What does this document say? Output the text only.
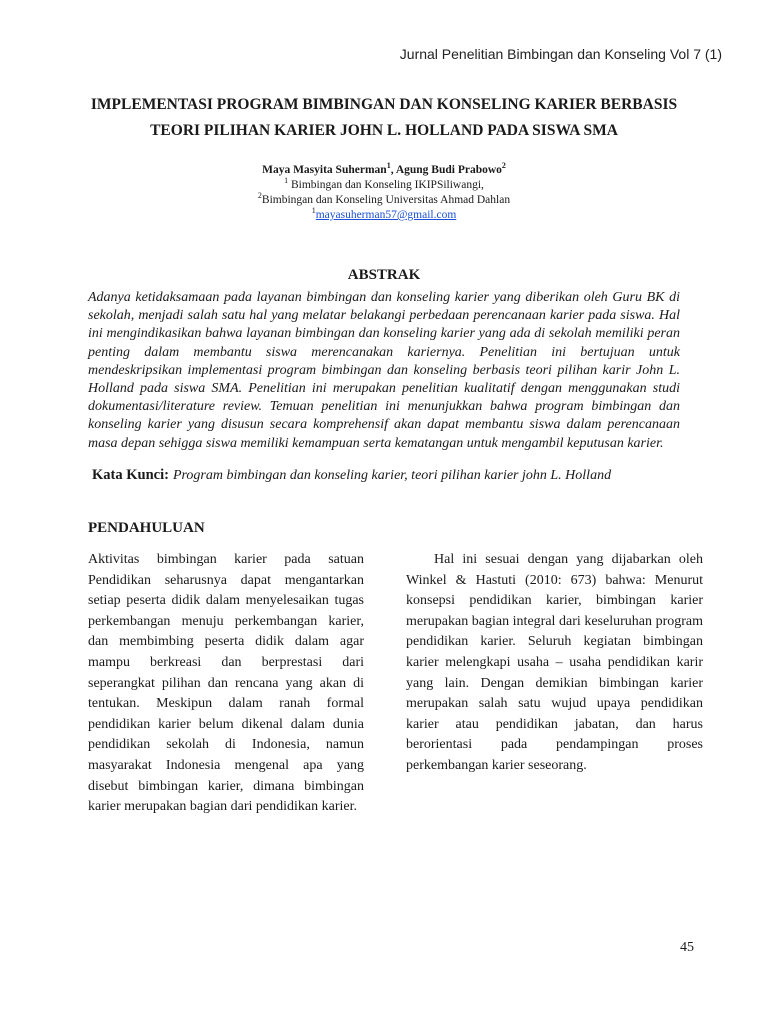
Jurnal Penelitian Bimbingan dan Konseling Vol 7 (1)
IMPLEMENTASI PROGRAM BIMBINGAN DAN KONSELING KARIER BERBASIS
TEORI PILIHAN KARIER JOHN L. HOLLAND PADA SISWA SMA
Maya Masyita Suherman$^1$, Agung Budi Prabowo$^2$
$^1$ Bimbingan dan Konseling IKIPSiliwangi,
$^2$Bimbingan dan Konseling Universitas Ahmad Dahlan
$^1$mayasuherman57@gmail.com
ABSTRAK

Adanya ketidaksamaan pada layanan bimbingan dan konseling karier yang diberikan oleh Guru BK di sekolah, menjadi salah satu hal yang melatar belakangi perbedaan perencanaan karier pada siswa. Hal ini mengindikasikan bahwa layanan bimbingan dan konseling karier yang ada di sekolah memiliki peran penting dalam membantu siswa merencanakan kariernya. Penelitian ini bertujuan untuk mendeskripsikan implementasi program bimbingan dan konseling berbasis teori pilihan karir John L. Holland pada siswa SMA. Penelitian ini merupakan penelitian kualitatif dengan menggunakan studi dokumentasi/literature review. Temuan penelitian ini menunjukkan bahwa program bimbingan dan konseling karier yang disusun secara komprehensif akan dapat membantu siswa dalam perencanaan masa depan sehigga siswa memiliki kemampuan serta kematangan untuk mengambil keputusan karier.

Kata Kunci: Program bimbingan dan konseling karier, teori pilihan karier john L. Holland
PENDAHULUAN

Aktivitas bimbingan karier pada satuan Pendidikan seharusnya dapat mengantarkan setiap peserta didik dalam menyelesaikan tugas perkembangan menuju perkembangan karier, dan membimbing peserta didik dalam agar mampu berkreasi dan berprestasi dari seperangkat pilihan dan rencana yang akan di tentukan. Meskipun dalam ranah formal pendidikan karier belum dikenal dalam dunia pendidikan sekolah di Indonesia, namun masyarakat Indonesia mengenal apa yang disebut bimbingan karier, dimana bimbingan karier merupakan bagian dari pendidikan karier.

Hal ini sesuai dengan yang dijabarkan oleh Winkel & Hastuti (2010: 673) bahwa: Menurut konsepsi pendidikan karier, bimbingan karier merupakan bagian integral dari keseluruhan program pendidikan karier. Seluruh kegiatan bimbingan karier melengkapi usaha – usaha pendidikan karir yang lain. Dengan demikian bimbingan karier merupakan salah satu wujud upaya pendidikan karier atau pendidikan jabatan, dan harus berorientasi pada pendampingan proses perkembangan karier seseorang.

45
